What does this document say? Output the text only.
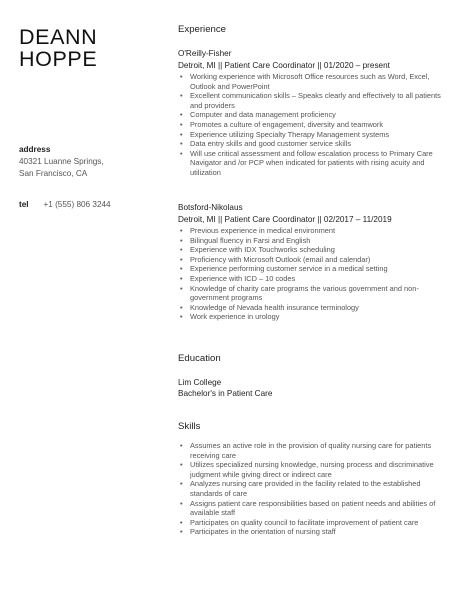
DEANN
HOPPE
address
40321 Luanne Springs,
San Francisco, CA
tel +1 (555) 806 3244
Experience
O'Reilly-Fisher
Detroit, MI || Patient Care Coordinator || 01/2020 – present
• Working experience with Microsoft Office resources such as Word, Excel, Outlook and PowerPoint
• Excellent communication skills – Speaks clearly and effectively to all patients and providers
• Computer and data management proficiency
• Promotes a culture of engagement, diversity and teamwork
• Experience utilizing Specialty Therapy Management systems
• Data entry skills and good customer service skills
• Will use critical assessment and follow escalation process to Primary Care Navigator and /or PCP when indicated for patients with rising acuity and utilization
Botsford-Nikolaus
Detroit, MI || Patient Care Coordinator || 02/2017 – 11/2019
• Previous experience in medical environment
• Bilingual fluency in Farsi and English
• Experience with IDX Touchworks scheduling
• Proficiency with Microsoft Outlook (email and calendar)
• Experience performing customer service in a medical setting
• Experience with ICD – 10 codes
• Knowledge of charity care programs the various government and non-government programs
• Knowledge of Nevada health insurance terminology
• Work experience in urology
Education
Lim College
Bachelor's in Patient Care
Skills
• Assumes an active role in the provision of quality nursing care for patients receiving care
• Utilizes specialized nursing knowledge, nursing process and discriminative judgment while giving direct or indirect care
• Analyzes nursing care provided in the facility related to the established standards of care
• Assigns patient care responsibilities based on patient needs and abilities of available staff
• Participates on quality council to facilitate improvement of patient care
• Participates in the orientation of nursing staff
